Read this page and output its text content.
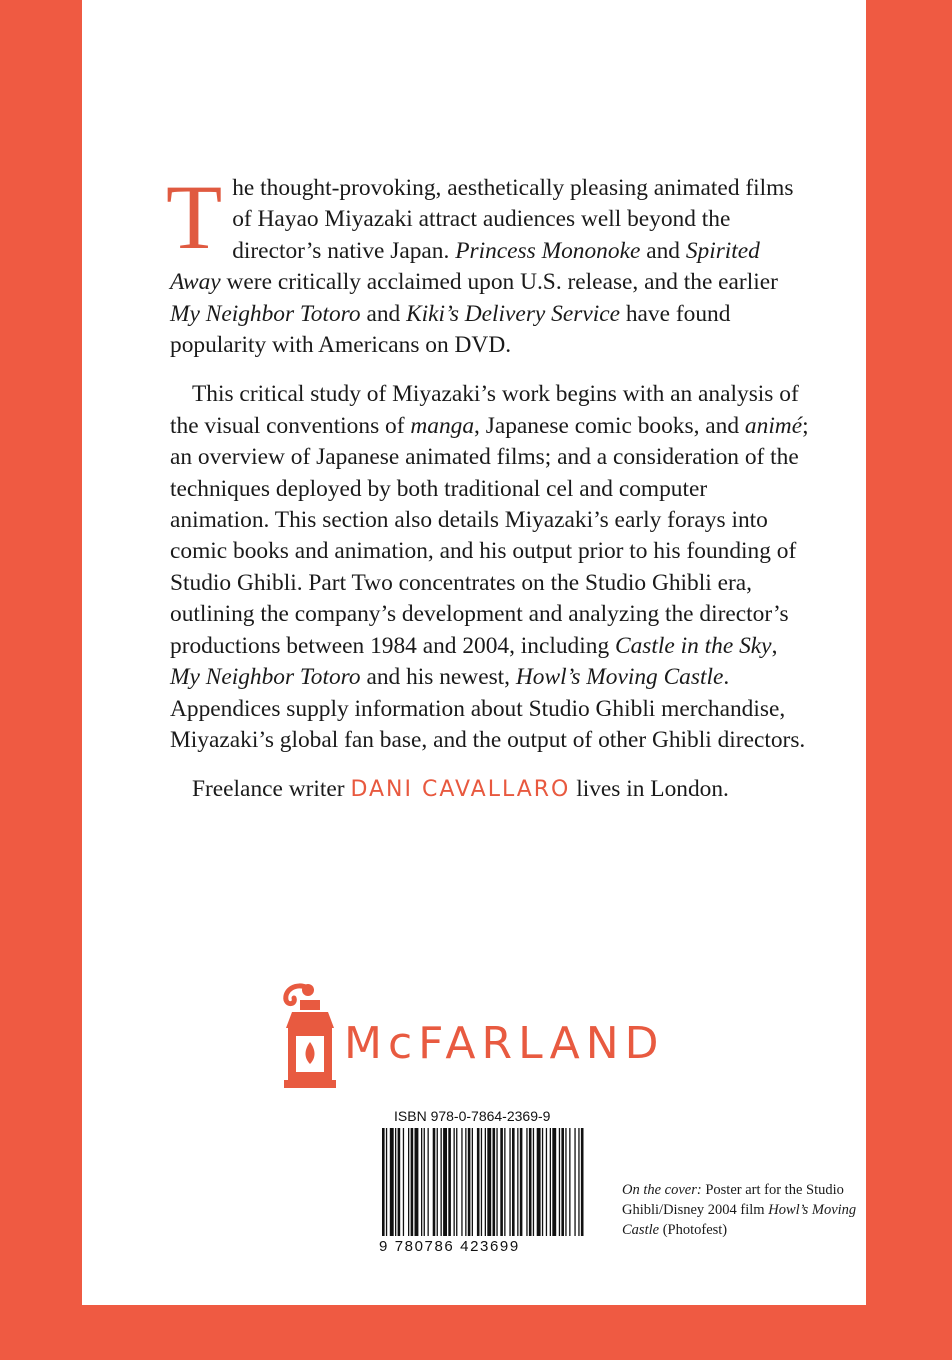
The thought-provoking, aesthetically pleasing animated films of Hayao Miyazaki attract audiences well beyond the director’s native Japan. Princess Mononoke and Spirited Away were critically acclaimed upon U.S. release, and the earlier My Neighbor Totoro and Kiki’s Delivery Service have found popularity with Americans on DVD.

This critical study of Miyazaki’s work begins with an analysis of the visual conventions of manga, Japanese comic books, and animé; an overview of Japanese animated films; and a consideration of the techniques deployed by both traditional cel and computer animation. This section also details Miyazaki’s early forays into comic books and animation, and his output prior to his founding of Studio Ghibli. Part Two concentrates on the Studio Ghibli era, outlining the company’s development and analyzing the director’s productions between 1984 and 2004, including Castle in the Sky, My Neighbor Totoro and his newest, Howl’s Moving Castle. Appendices supply information about Studio Ghibli merchandise, Miyazaki’s global fan base, and the output of other Ghibli directors.

Freelance writer DANI CAVALLARO lives in London.

McFARLAND
ISBN 978-0-7864-2369-9
9 780786 423699
On the cover: Poster art for the Studio Ghibli/Disney 2004 film Howl’s Moving Castle (Photofest)
